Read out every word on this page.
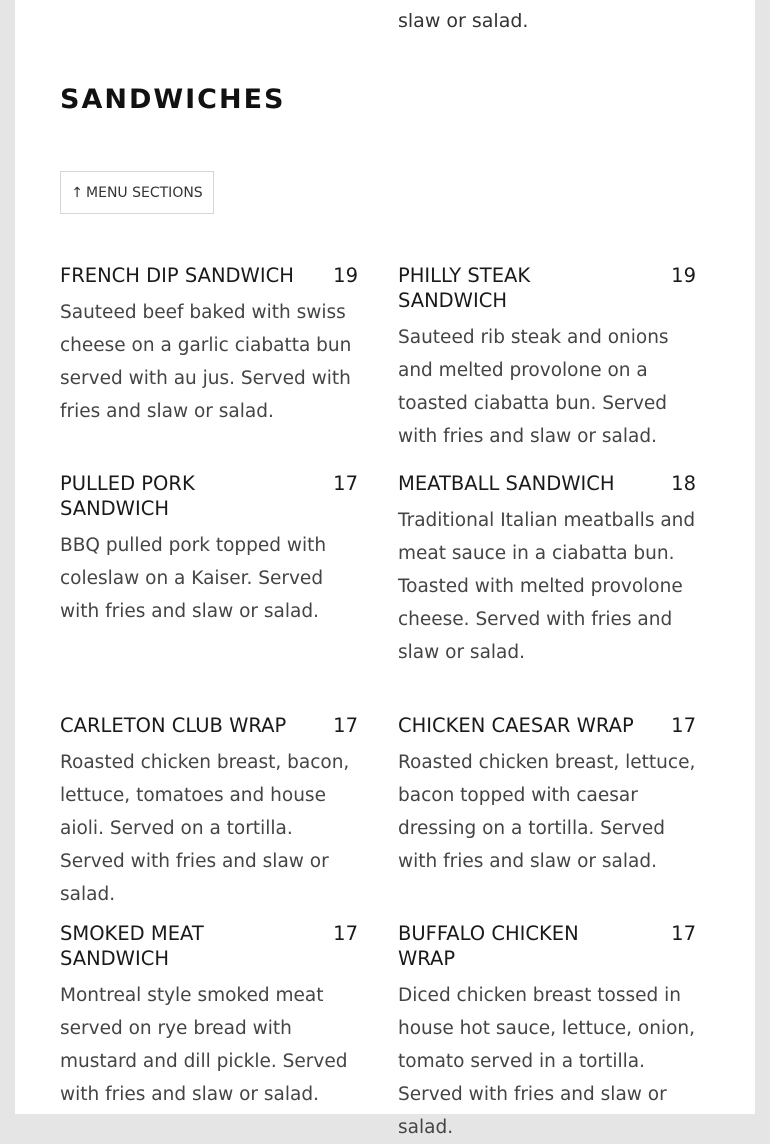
slaw or salad.
SANDWICHES
↑ MENU SECTIONS
FRENCH DIP SANDWICH 19
Sauteed beef baked with swiss cheese on a garlic ciabatta bun served with au jus. Served with fries and slaw or salad.
PHILLY STEAK SANDWICH
19
Sauteed rib steak and onions and melted provolone on a toasted ciabatta bun. Served with fries and slaw or salad.
PULLED PORK SANDWICH
17
BBQ pulled pork topped with coleslaw on a Kaiser. Served with fries and slaw or salad.
MEATBALL SANDWICH	18
Traditional Italian meatballs and meat sauce in a ciabatta bun. Toasted with melted provolone cheese. Served with fries and slaw or salad.
CARLETON CLUB WRAP 17
Roasted chicken breast, bacon, lettuce, tomatoes and house aioli. Served on a tortilla. Served with fries and slaw or salad.
CHICKEN CAESAR WRAP 17
Roasted chicken breast, lettuce, bacon topped with caesar dressing on a tortilla. Served with fries and slaw or salad.
SMOKED MEAT SANDWICH
17
Montreal style smoked meat served on rye bread with mustard and dill pickle. Served with fries and slaw or salad.
BUFFALO CHICKEN WRAP
17
Diced chicken breast tossed in house hot sauce, lettuce, onion, tomato served in a tortilla. Served with fries and slaw or salad.
